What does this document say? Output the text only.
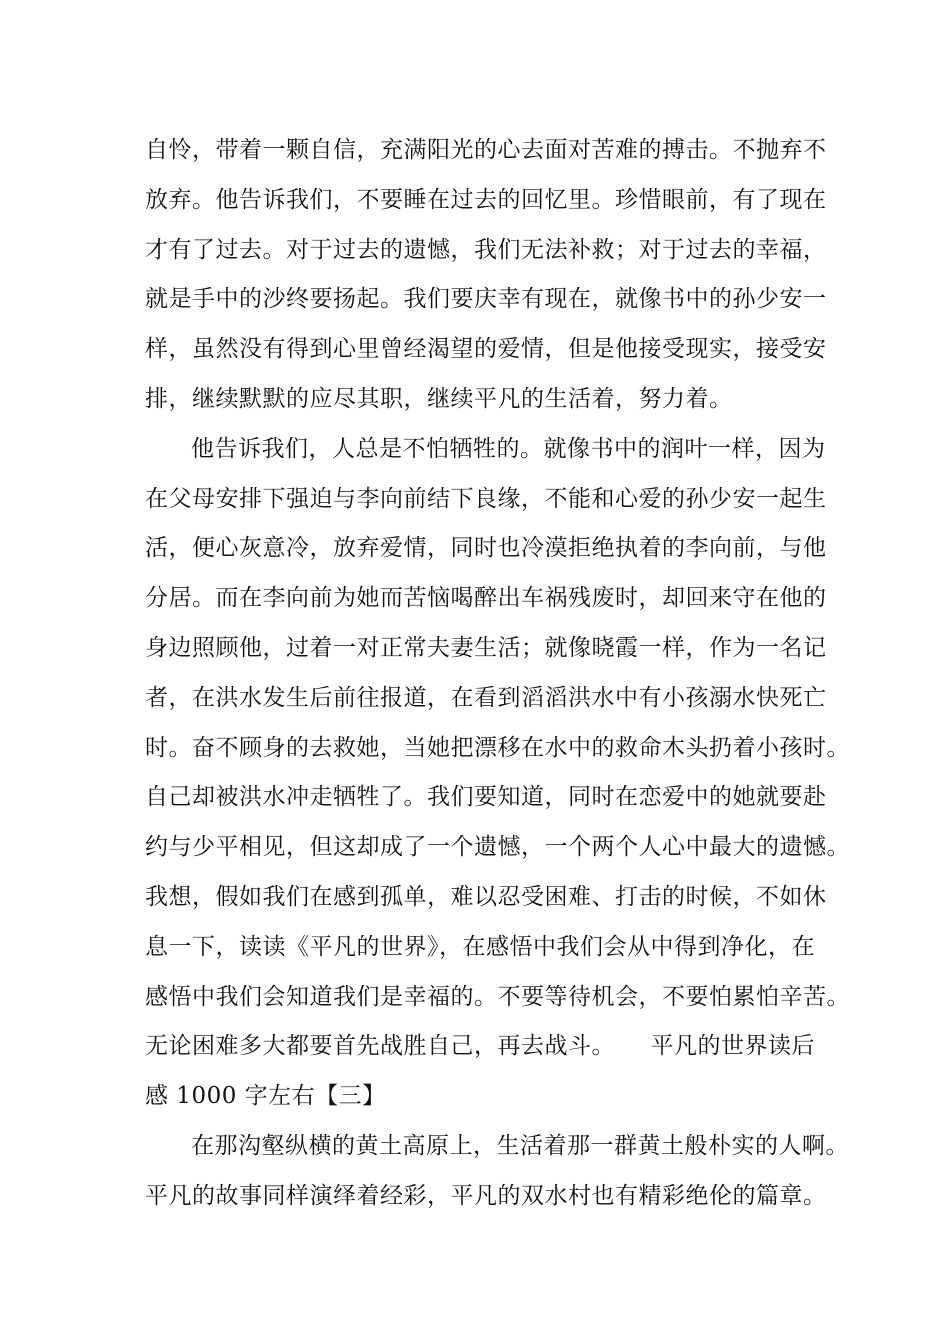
自怜，带着一颗自信，充满阳光的心去面对苦难的搏击。不抛弃不
放弃。他告诉我们，不要睡在过去的回忆里。珍惜眼前，有了现在
才有了过去。对于过去的遗憾，我们无法补救；对于过去的幸福，
就是手中的沙终要扬起。我们要庆幸有现在，就像书中的孙少安一
样，虽然没有得到心里曾经渴望的爱情，但是他接受现实，接受安
排，继续默默的应尽其职，继续平凡的生活着，努力着。
他告诉我们，人总是不怕牺牲的。就像书中的润叶一样，因为
在父母安排下强迫与李向前结下良缘，不能和心爱的孙少安一起生
活，便心灰意冷，放弃爱情，同时也冷漠拒绝执着的李向前，与他
分居。而在李向前为她而苦恼喝醉出车祸残废时，却回来守在他的
身边照顾他，过着一对正常夫妻生活；就像晓霞一样，作为一名记
者，在洪水发生后前往报道，在看到滔滔洪水中有小孩溺水快死亡
时。奋不顾身的去救她，当她把漂移在水中的救命木头扔着小孩时。
自己却被洪水冲走牺牲了。我们要知道，同时在恋爱中的她就要赴
约与少平相见，但这却成了一个遗憾，一个两个人心中最大的遗憾。
我想，假如我们在感到孤单，难以忍受困难、打击的时候，不如休
息一下，读读《平凡的世界》，在感悟中我们会从中得到净化，在
感悟中我们会知道我们是幸福的。不要等待机会，不要怕累怕辛苦。
无论困难多大都要首先战胜自己，再去战斗。　　平凡的世界读后
感 1000 字左右【三】
在那沟壑纵横的黄土高原上，生活着那一群黄土般朴实的人啊。
平凡的故事同样演绎着经彩，平凡的双水村也有精彩绝伦的篇章。
